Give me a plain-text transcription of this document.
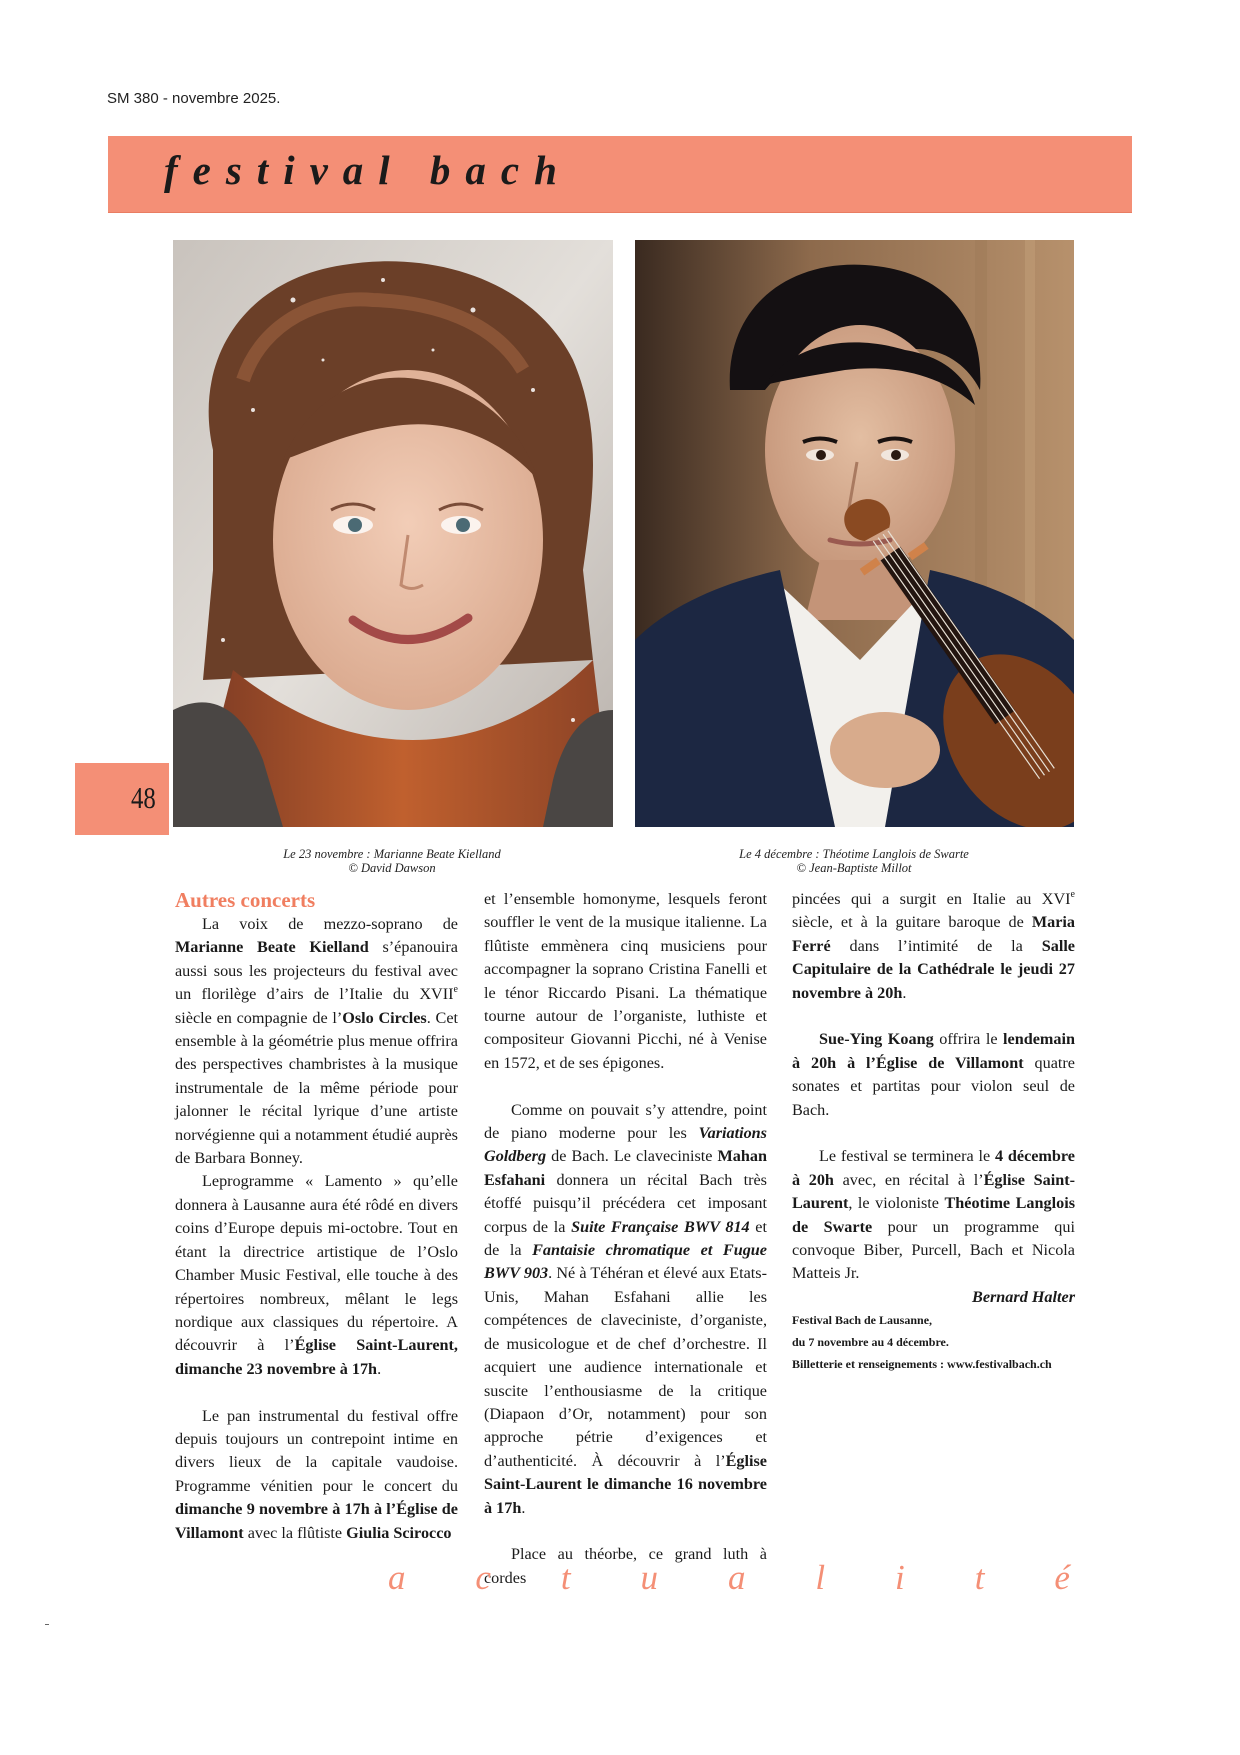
SM 380 - novembre 2025.
festival bach
48
Le 23 novembre : Marianne Beate Kielland
© David Dawson
Le 4 décembre : Théotime Langlois de Swarte
© Jean-Baptiste Millot
Autres concerts

La voix de mezzo-soprano de Marianne Beate Kielland s’épanouira aussi sous les projecteurs du festival avec un florilège d’airs de l’Italie du XVIIe siècle en compagnie de l’Oslo Circles. Cet ensemble à la géométrie plus menue offrira des perspectives chambristes à la musique instrumentale de la même période pour jalonner le récital lyrique d’une artiste norvégienne qui a notamment étudié auprès de Barbara Bonney.

Leprogramme « Lamento » qu’elle donnera à Lausanne aura été rôdé en divers coins d’Europe depuis mi-octobre. Tout en étant la directrice artistique de l’Oslo Chamber Music Festival, elle touche à des répertoires nombreux, mêlant le legs nordique aux classiques du répertoire. A découvrir à l’Église Saint-Laurent, dimanche 23 novembre à 17h.

Le pan instrumental du festival offre depuis toujours un contrepoint intime en divers lieux de la capitale vaudoise. Programme vénitien pour le concert du dimanche 9 novembre à 17h à l’Église de Villamont avec la flûtiste Giulia Scirocco

et l’ensemble homonyme, lesquels feront souffler le vent de la musique italienne. La flûtiste emmènera cinq musiciens pour accompagner la soprano Cristina Fanelli et le ténor Riccardo Pisani. La thématique tourne autour de l’organiste, luthiste et compositeur Giovanni Picchi, né à Venise en 1572, et de ses épigones.

Comme on pouvait s’y attendre, point de piano moderne pour les Variations Goldberg de Bach. Le claveciniste Mahan Esfahani donnera un récital Bach très étoffé puisqu’il précédera cet imposant corpus de la Suite Française BWV 814 et de la Fantaisie chromatique et Fugue BWV 903. Né à Téhéran et élevé aux Etats-Unis, Mahan Esfahani allie les compétences de claveciniste, d’organiste, de musicologue et de chef d’orchestre. Il acquiert une audience internationale et suscite l’enthousiasme de la critique (Diapaon d’Or, notamment) pour son approche pétrie d’exigences et d’authenticité. À découvrir à l’Église Saint-Laurent le dimanche 16 novembre à 17h.

Place au théorbe, ce grand luth à cordes

pincées qui a surgit en Italie au XVIe siècle, et à la guitare baroque de Maria Ferré dans l’intimité de la Salle Capitulaire de la Cathédrale le jeudi 27 novembre à 20h.

Sue-Ying Koang offrira le lendemain à 20h à l’Église de Villamont quatre sonates et partitas pour violon seul de Bach.

Le festival se terminera le 4 décembre à 20h avec, en récital à l’Église Saint-Laurent, le violoniste Théotime Langlois de Swarte pour un programme qui convoque Biber, Purcell, Bach et Nicola Matteis Jr.

Bernard Halter

Festival Bach de Lausanne,
du 7 novembre au 4 décembre.
Billetterie et renseignements : www.festivalbach.ch
a c t u a l i t é
